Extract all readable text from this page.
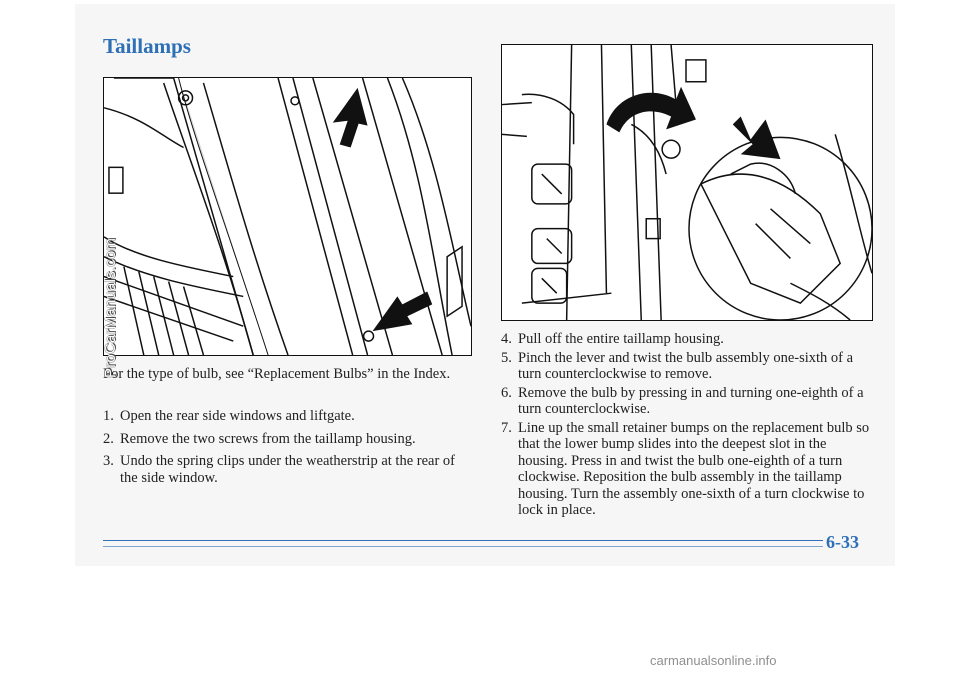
Taillamps

For the type of bulb, see “Replacement Bulbs” in the Index.

1. Open the rear side windows and liftgate.
2. Remove the two screws from the taillamp housing.
3. Undo the spring clips under the weatherstrip at the rear of the side window.
4. Pull off the entire taillamp housing.
5. Pinch the lever and twist the bulb assembly one-sixth of a turn counterclockwise to remove.
6. Remove the bulb by pressing in and turning one-eighth of a turn counterclockwise.
7. Line up the small retainer bumps on the replacement bulb so that the lower bump slides into the deepest slot in the housing. Press in and twist the bulb one-eighth of a turn clockwise. Reposition the bulb assembly in the taillamp housing. Turn the assembly one-sixth of a turn clockwise to lock in place.
6-33
ProCarManuals.com
carmanualsonline.info
